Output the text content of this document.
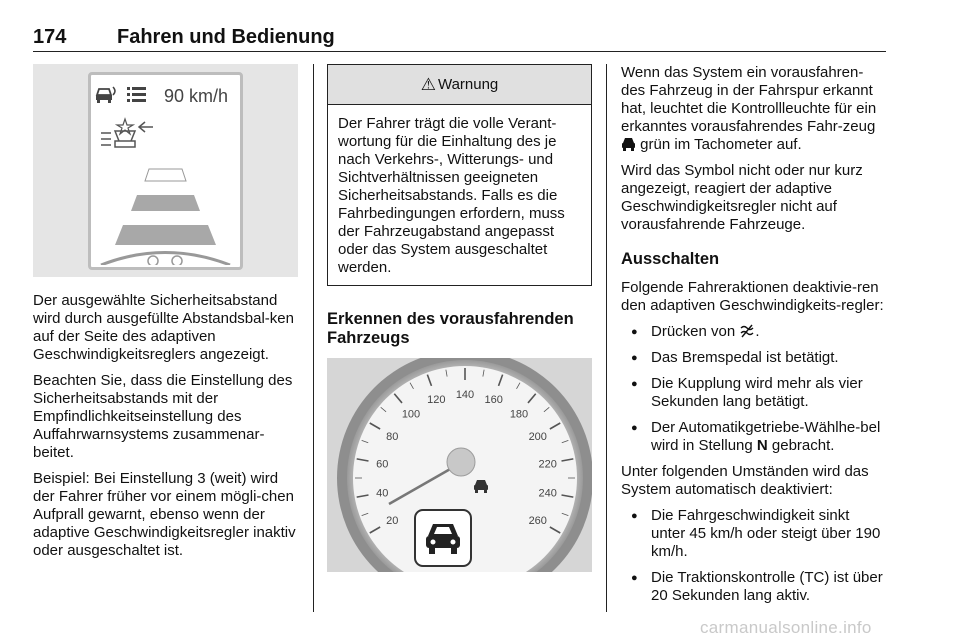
174	Fahren und Bedienung
90 km/h

Der ausgewählte Sicherheitsabstand wird durch ausgefüllte Abstandsbal-ken auf der Seite des adaptiven Geschwindigkeitsreglers angezeigt.

Beachten Sie, dass die Einstellung des Sicherheitsabstands mit der Empfindlichkeitseinstellung des Auffahrwarnsystems zusammenar-beitet.

Beispiel: Bei Einstellung 3 (weit) wird der Fahrer früher vor einem mögli-chen Aufprall gewarnt, ebenso wenn der adaptive Geschwindigkeitsregler inaktiv oder ausgeschaltet ist.

⚠ Warnung
Der Fahrer trägt die volle Verant-wortung für die Einhaltung des je nach Verkehrs-, Witterungs- und Sichtverhältnissen geeigneten Sicherheitsabstands. Falls es die Fahrbedingungen erfordern, muss der Fahrzeugabstand angepasst oder das System ausgeschaltet werden.
Erkennen des vorausfahrenden Fahrzeugs
20
40
60
80
100
120 140 160
180
200
220
240
260

Wenn das System ein vorausfahren-des Fahrzeug in der Fahrspur erkannt hat, leuchtet die Kontrollleuchte für ein erkanntes vorausfahrendes Fahr-zeug  grün im Tachometer auf.

Wird das Symbol nicht oder nur kurz angezeigt, reagiert der adaptive Geschwindigkeitsregler nicht auf vorausfahrende Fahrzeuge.

Ausschalten

Folgende Fahreraktionen deaktivie-ren den adaptiven Geschwindigkeits-regler:

● Drücken von .
● Das Bremspedal ist betätigt.
● Die Kupplung wird mehr als vier Sekunden lang betätigt.
● Der Automatikgetriebe-Wählhe-bel wird in Stellung N gebracht.

Unter folgenden Umständen wird das System automatisch deaktiviert:

● Die Fahrgeschwindigkeit sinkt unter 45 km/h oder steigt über 190 km/h.
● Die Traktionskontrolle (TC) ist über 20 Sekunden lang aktiv.
carmanualsonline.info
